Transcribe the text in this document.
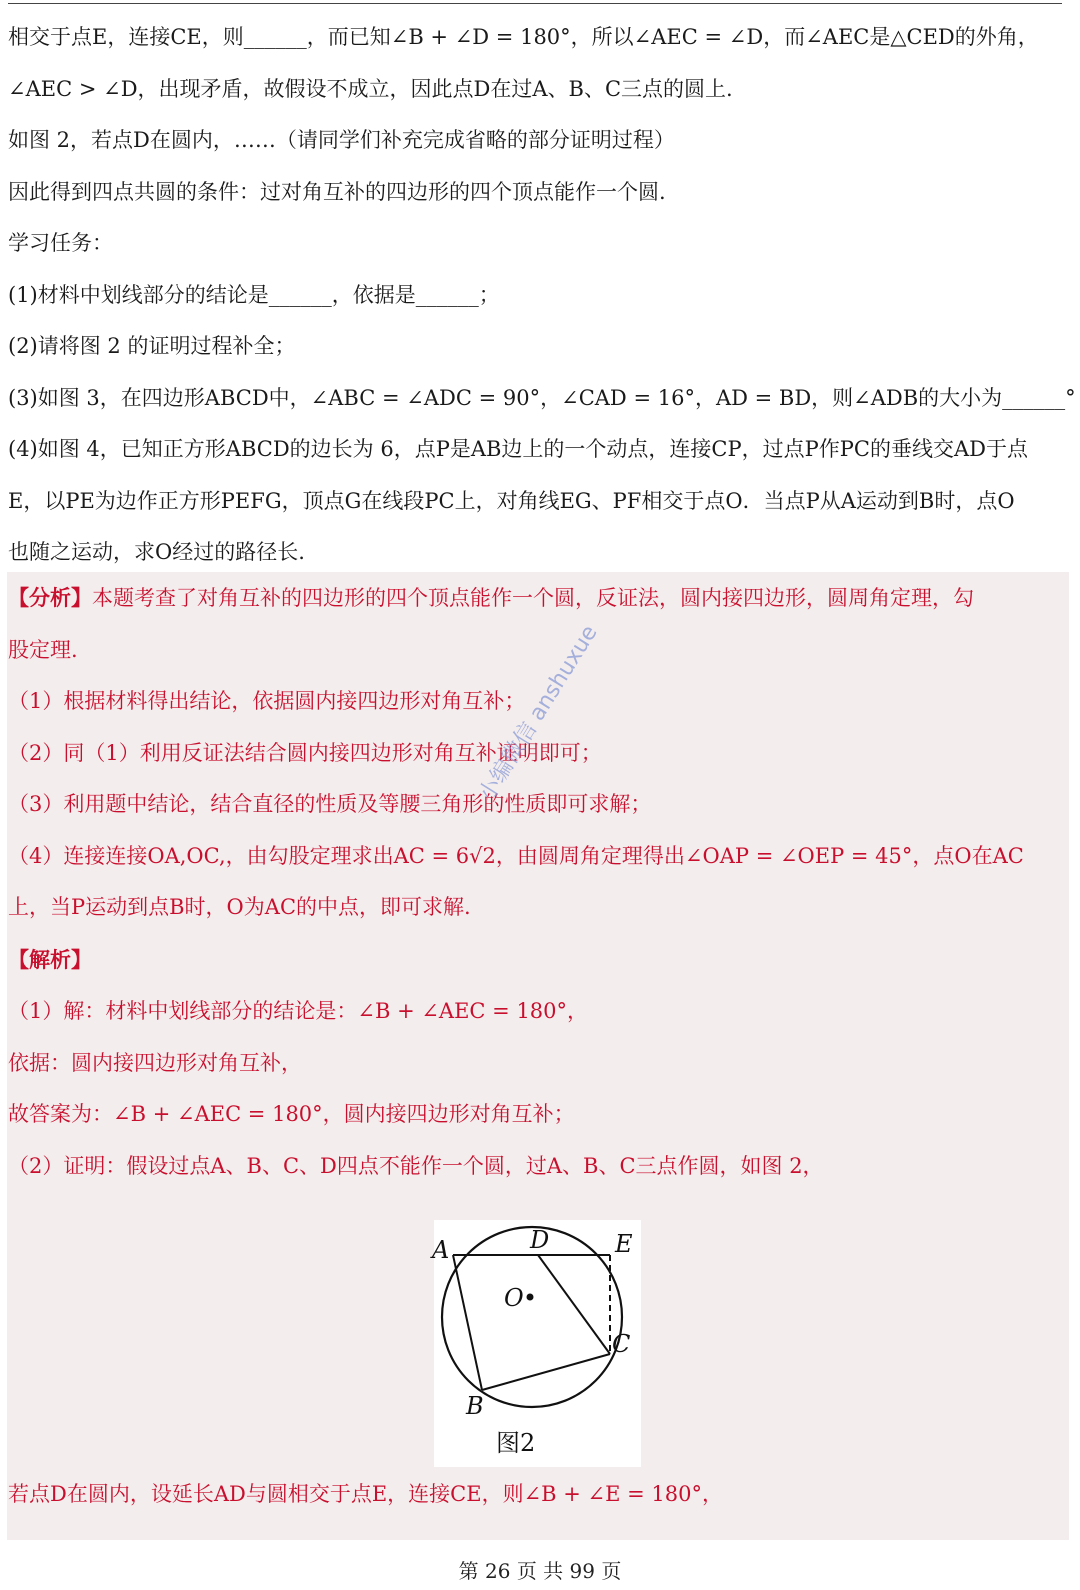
相交于点E，连接CE，则______，而已知∠B + ∠D = 180°，所以∠AEC = ∠D，而∠AEC是△CED的外角，

∠AEC > ∠D，出现矛盾，故假设不成立，因此点D在过A、B、C三点的圆上.

如图 2，若点D在圆内，……（请同学们补充完成省略的部分证明过程）

因此得到四点共圆的条件：过对角互补的四边形的四个顶点能作一个圆.

学习任务：

(1)材料中划线部分的结论是______，依据是______；

(2)请将图 2 的证明过程补全；

(3)如图 3，在四边形ABCD中，∠ABC = ∠ADC = 90°，∠CAD = 16°，AD = BD，则∠ADB的大小为______°

(4)如图 4，已知正方形ABCD的边长为 6，点P是AB边上的一个动点，连接CP，过点P作PC的垂线交AD于点

E，以PE为边作正方形PEFG，顶点G在线段PC上，对角线EG、PF相交于点O．当点P从A运动到B时，点O

也随之运动，求O经过的路径长.

【分析】本题考查了对角互补的四边形的四个顶点能作一个圆，反证法，圆内接四边形，圆周角定理，勾

股定理.

（1）根据材料得出结论，依据圆内接四边形对角互补；

（2）同（1）利用反证法结合圆内接四边形对角互补证明即可；

（3）利用题中结论，结合直径的性质及等腰三角形的性质即可求解；

（4）连接连接OA,OC,，由勾股定理求出AC = 6√2，由圆周角定理得出∠OAP = ∠OEP = 45°，点O在AC

上，当P运动到点B时，O为AC的中点，即可求解.

【解析】

（1）解：材料中划线部分的结论是：∠B + ∠AEC = 180°，

依据：圆内接四边形对角互补，

故答案为：∠B + ∠AEC = 180°，圆内接四边形对角互补；

（2）证明：假设过点A、B、C、D四点不能作一个圆，过A、B、C三点作圆，如图 2，

若点D在圆内，设延长AD与圆相交于点E，连接CE，则∠B + ∠E = 180°，

A	D	E
O
C
B
图2
小编微信 anshuxue
第 26 页 共 99 页
